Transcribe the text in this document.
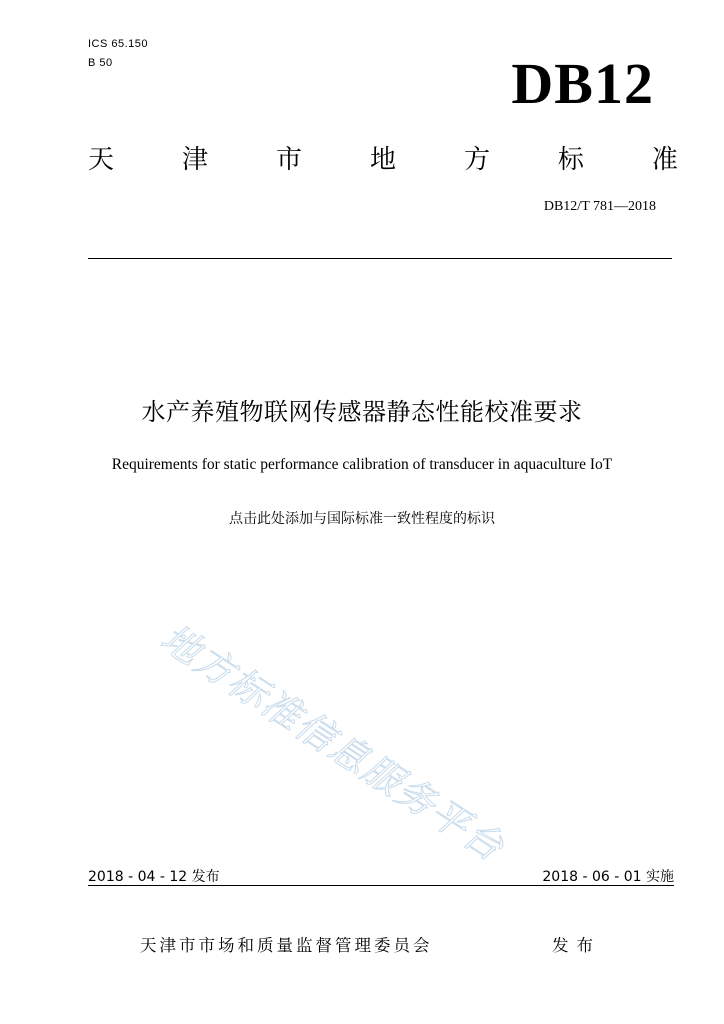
ICS 65.150
B 50	DB12
天	津	市	地	方	标	准
DB12/T 781—2018
水产养殖物联网传感器静态性能校准要求
Requirements for static performance calibration of transducer in aquaculture IoT
点击此处添加与国际标准一致性程度的标识
地方标准信息服务平台
2018 - 04 - 12 发布	2018 - 06 - 01 实施
天津市市场和质量监督管理委员会	发布
